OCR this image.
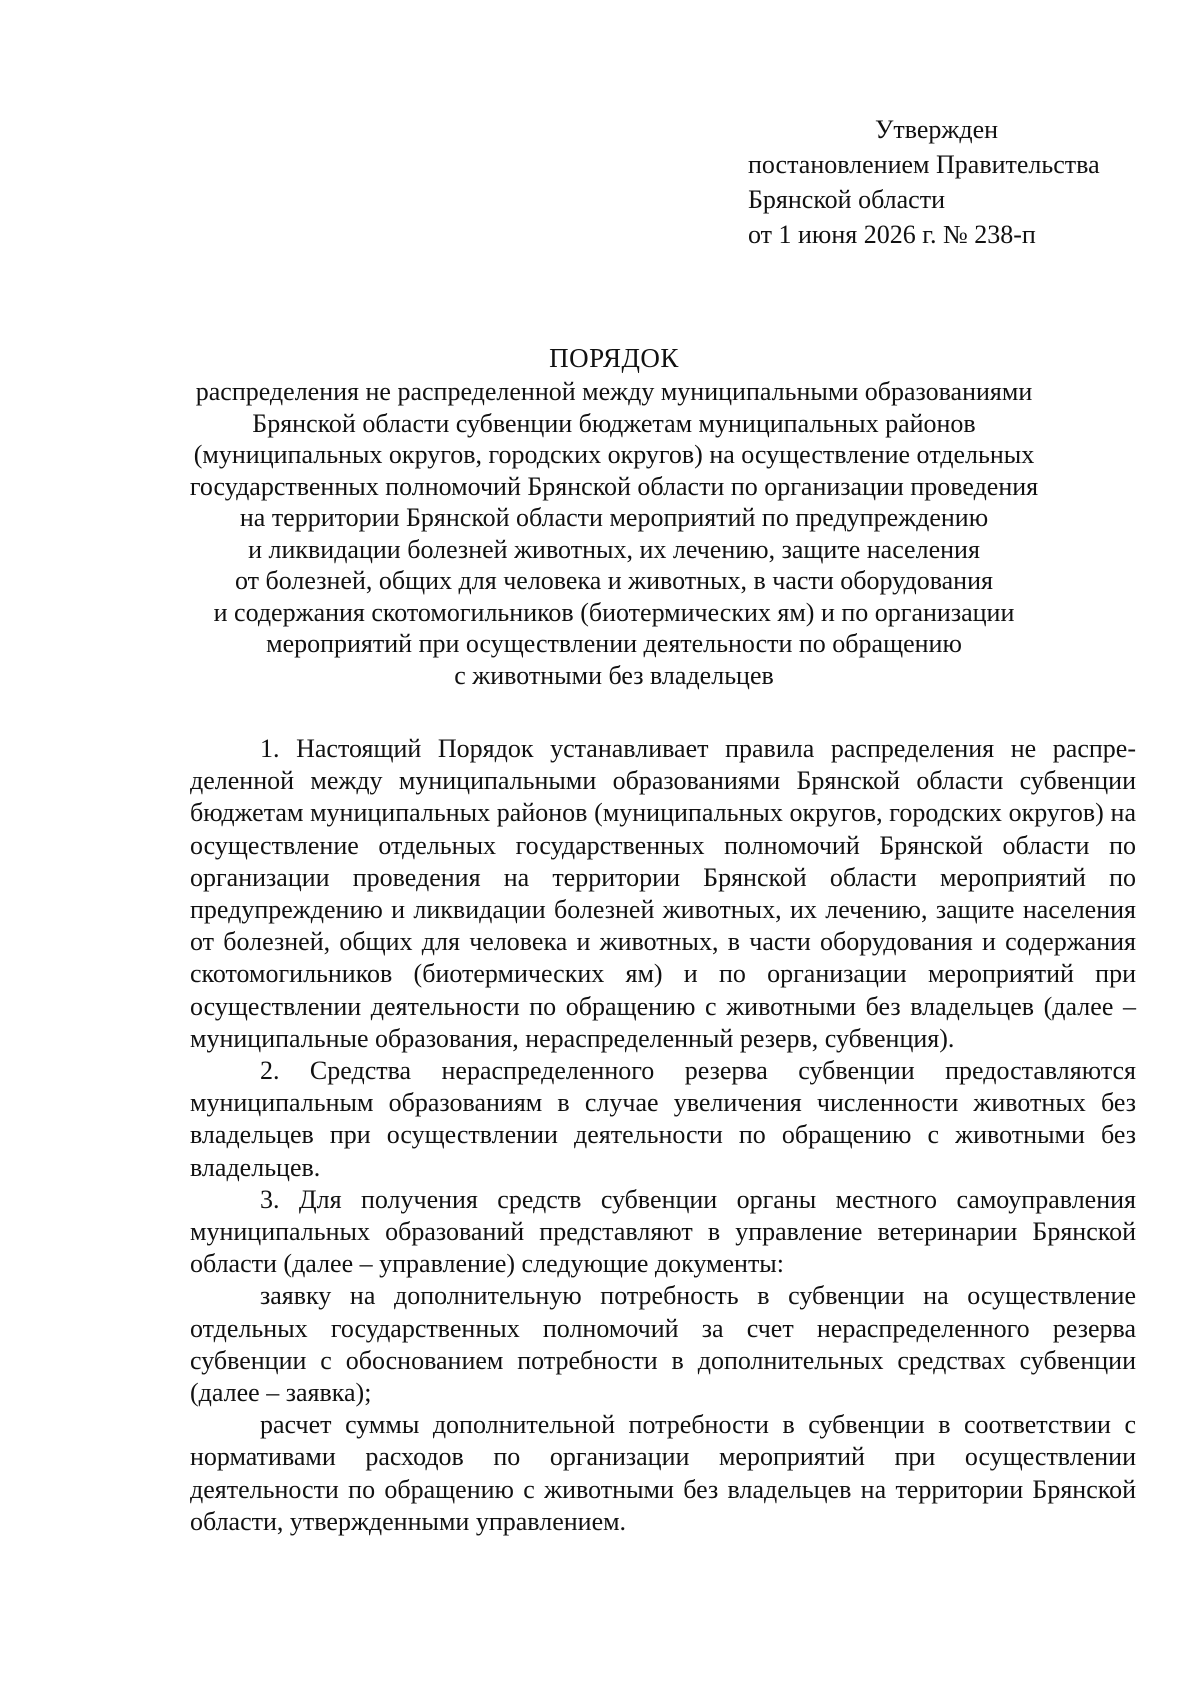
Утвержден
постановлением Правительства
Брянской области
от 1 июня 2026 г. № 238-п
ПОРЯДОК
распределения не распределенной между муниципальными образованиями
Брянской области субвенции бюджетам муниципальных районов
(муниципальных округов, городских округов) на осуществление отдельных
государственных полномочий Брянской области по организации проведения
на территории Брянской области мероприятий по предупреждению
и ликвидации болезней животных, их лечению, защите населения
от болезней, общих для человека и животных, в части оборудования
и содержания скотомогильников (биотермических ям) и по организации
мероприятий при осуществлении деятельности по обращению
с животными без владельцев

1. Настоящий Порядок устанавливает правила распределения не распределенной между муниципальными образованиями Брянской области субвенции бюджетам муниципальных районов (муниципальных округов, городских округов) на осуществление отдельных государственных полномочий Брянской области по организации проведения на территории Брянской области мероприятий по предупреждению и ликвидации болезней животных, их лечению, защите населения от болезней, общих для человека и животных, в части оборудования и содержания скотомогильников (биотермических ям) и по организации мероприятий при осуществлении деятельности по обращению с животными без владельцев (далее – муниципальные образования, нераспределенный резерв, субвенция).

2. Средства нераспределенного резерва субвенции предоставляются муниципальным образованиям в случае увеличения численности животных без владельцев при осуществлении деятельности по обращению с животными без владельцев.

3. Для получения средств субвенции органы местного самоуправления муниципальных образований представляют в управление ветеринарии Брянской области (далее – управление) следующие документы:

заявку на дополнительную потребность в субвенции на осуществление отдельных государственных полномочий за счет нераспределенного резерва субвенции с обоснованием потребности в дополнительных средствах субвенции (далее – заявка);

расчет суммы дополнительной потребности в субвенции в соответствии с нормативами расходов по организации мероприятий при осуществлении деятельности по обращению с животными без владельцев на территории Брянской области, утвержденными управлением.
